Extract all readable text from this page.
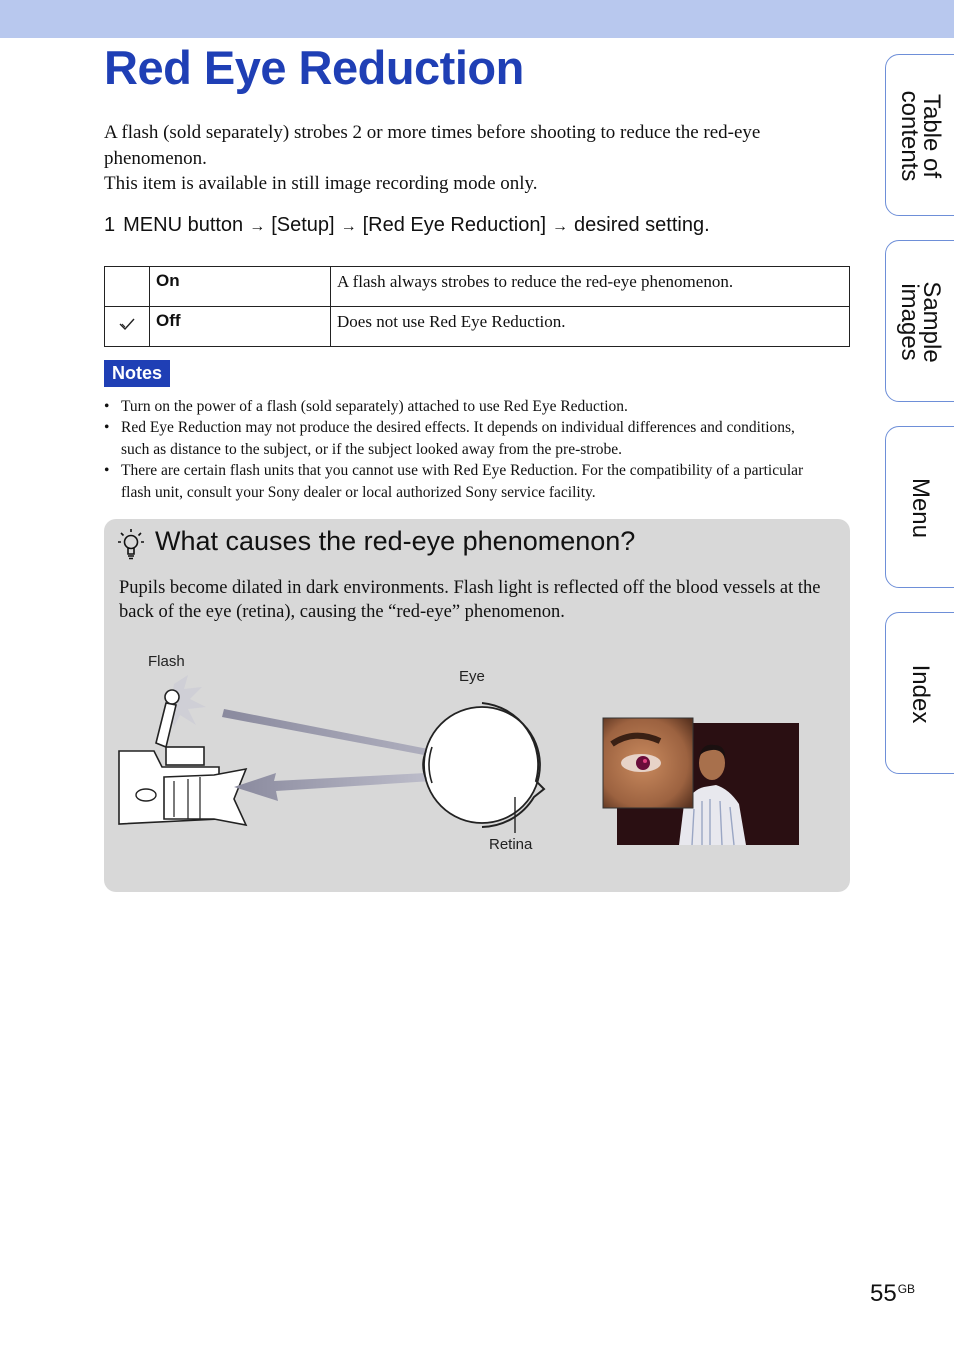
Red Eye Reduction
A flash (sold separately) strobes 2 or more times before shooting to reduce the red-eye phenomenon.
This item is available in still image recording mode only.
1 MENU button → [Setup] → [Red Eye Reduction] → desired setting.
	On	A flash always strobes to reduce the red-eye phenomenon.
	Off	Does not use Red Eye Reduction.
Notes
• Turn on the power of a flash (sold separately) attached to use Red Eye Reduction.
• Red Eye Reduction may not produce the desired effects. It depends on individual differences and conditions, such as distance to the subject, or if the subject looked away from the pre-strobe.
• There are certain flash units that you cannot use with Red Eye Reduction. For the compatibility of a particular flash unit, consult your Sony dealer or local authorized Sony service facility.
What causes the red-eye phenomenon?

Pupils become dilated in dark environments. Flash light is reflected off the blood vessels at the back of the eye (retina), causing the “red-eye” phenomenon.

Flash
Eye
Retina
Table of contents
Sample images
Menu
Index
$55^{GB}$
